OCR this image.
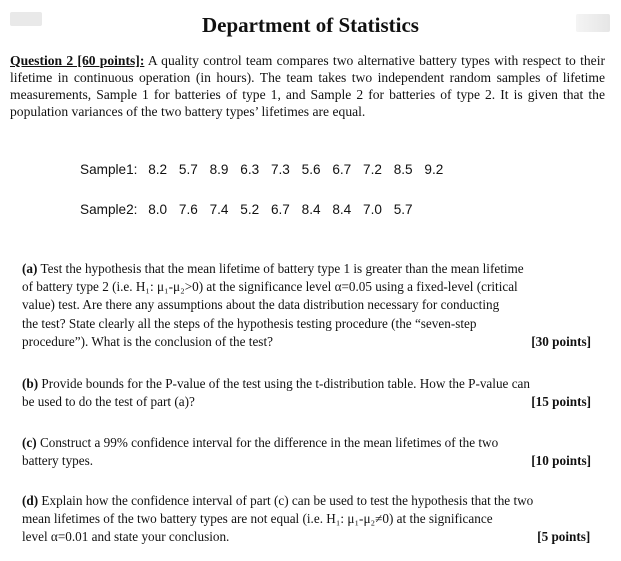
Department of Statistics
Question 2 [60 points]: A quality control team compares two alternative battery types with respect to their lifetime in continuous operation (in hours). The team takes two independent random samples of lifetime measurements, Sample 1 for batteries of type 1, and Sample 2 for batteries of type 2. It is given that the population variances of the two battery types’ lifetimes are equal.
Sample1: 8.2 5.7 8.9 6.3 7.3 5.6 6.7 7.2 8.5 9.2
Sample2: 8.0 7.6 7.4 5.2 6.7 8.4 8.4 7.0 5.7
(a) Test the hypothesis that the mean lifetime of battery type 1 is greater than the mean lifetime
of battery type 2 (i.e. H₁: μ₁-μ₂>0) at the significance level α=0.05 using a fixed-level (critical
value) test. Are there any assumptions about the data distribution necessary for conducting
the test? State clearly all the steps of the hypothesis testing procedure (the “seven-step
procedure”). What is the conclusion of the test?	[30 points]
(b) Provide bounds for the P-value of the test using the t-distribution table. How the P-value can
be used to do the test of part (a)?	[15 points]
(c) Construct a 99% confidence interval for the difference in the mean lifetimes of the two
battery types.	[10 points]
(d) Explain how the confidence interval of part (c) can be used to test the hypothesis that the two
mean lifetimes of the two battery types are not equal (i.e. H₁: μ₁-μ₂≠0) at the significance
level α=0.01 and state your conclusion.	[5 points]
